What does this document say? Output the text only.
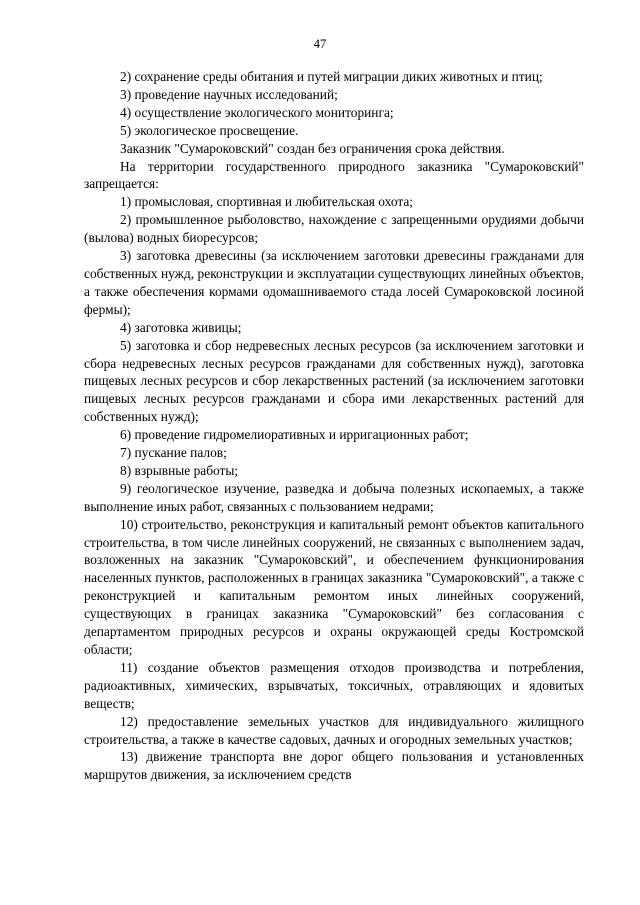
47

2) сохранение среды обитания и путей миграции диких животных и птиц;

3) проведение научных исследований;

4) осуществление экологического мониторинга;

5) экологическое просвещение.

Заказник "Сумароковский" создан без ограничения срока действия.

На территории государственного природного заказника "Сумароковский" запрещается:

1) промысловая, спортивная и любительская охота;

2) промышленное рыболовство, нахождение с запрещенными орудиями добычи (вылова) водных биоресурсов;

3) заготовка древесины (за исключением заготовки древесины гражданами для собственных нужд, реконструкции и эксплуатации существующих линейных объектов, а также обеспечения кормами одомашниваемого стада лосей Сумароковской лосиной фермы);

4) заготовка живицы;

5) заготовка и сбор недревесных лесных ресурсов (за исключением заготовки и сбора недревесных лесных ресурсов гражданами для собственных нужд), заготовка пищевых лесных ресурсов и сбор лекарственных растений (за исключением заготовки пищевых лесных ресурсов гражданами и сбора ими лекарственных растений для собственных нужд);

6) проведение гидромелиоративных и ирригационных работ;

7) пускание палов;

8) взрывные работы;

9) геологическое изучение, разведка и добыча полезных ископаемых, а также выполнение иных работ, связанных с пользованием недрами;

10) строительство, реконструкция и капитальный ремонт объектов капитального строительства, в том числе линейных сооружений, не связанных с выполнением задач, возложенных на заказник "Сумароковский", и обеспечением функционирования населенных пунктов, расположенных в границах заказника "Сумароковский", а также с реконструкцией и капитальным ремонтом иных линейных сооружений, существующих в границах заказника "Сумароковский" без согласования с департаментом природных ресурсов и охраны окружающей среды Костромской области;

11) создание объектов размещения отходов производства и потребления, радиоактивных, химических, взрывчатых, токсичных, отравляющих и ядовитых веществ;

12) предоставление земельных участков для индивидуального жилищного строительства, а также в качестве садовых, дачных и огородных земельных участков;

13) движение транспорта вне дорог общего пользования и установленных маршрутов движения, за исключением средств
